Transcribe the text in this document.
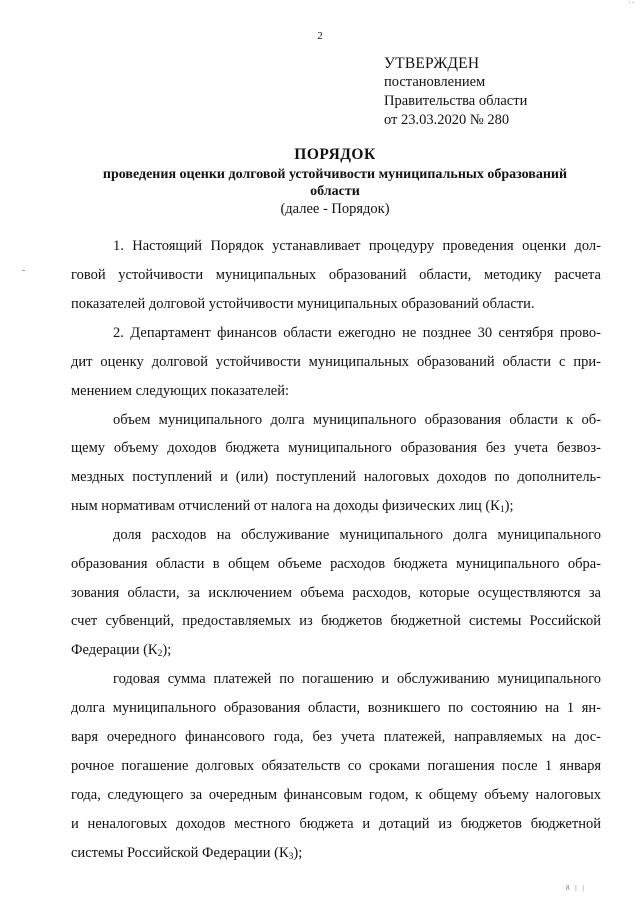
ʹ ʹ
2
УТВЕРЖДЕН
постановлением
Правительства области
от 23.03.2020 № 280
ПОРЯДОК
проведения оценки долговой устойчивости муниципальных образований
области
(далее - Порядок)
1. Настоящий Порядок устанавливает процедуру проведения оценки дол-
говой устойчивости муниципальных образований области, методику расчета
показателей долговой устойчивости муниципальных образований области.
2. Департамент финансов области ежегодно не позднее 30 сентября прово-
дит оценку долговой устойчивости муниципальных образований области с при-
менением следующих показателей:
объем муниципального долга муниципального образования области к об-
щему объему доходов бюджета муниципального образования без учета безвоз-
мездных поступлений и (или) поступлений налоговых доходов по дополнитель-
ным нормативам отчислений от налога на доходы физических лиц $(К_1)$;
доля расходов на обслуживание муниципального долга муниципального
образования области в общем объеме расходов бюджета муниципального обра-
зования области, за исключением объема расходов, которые осуществляются за
счет субвенций, предоставляемых из бюджетов бюджетной системы Российской
Федерации $(К_2)$;
годовая сумма платежей по погашению и обслуживанию муниципального
долга муниципального образования области, возникшего по состоянию на 1 ян-
варя очередного финансового года, без учета платежей, направляемых на дос-
рочное погашение долговых обязательств со сроками погашения после 1 января
года, следующего за очередным финансовым годом, к общему объему налоговых
и неналоговых доходов местного бюджета и дотаций из бюджетов бюджетной
системы Российской Федерации $(К_3)$;
8 | |
